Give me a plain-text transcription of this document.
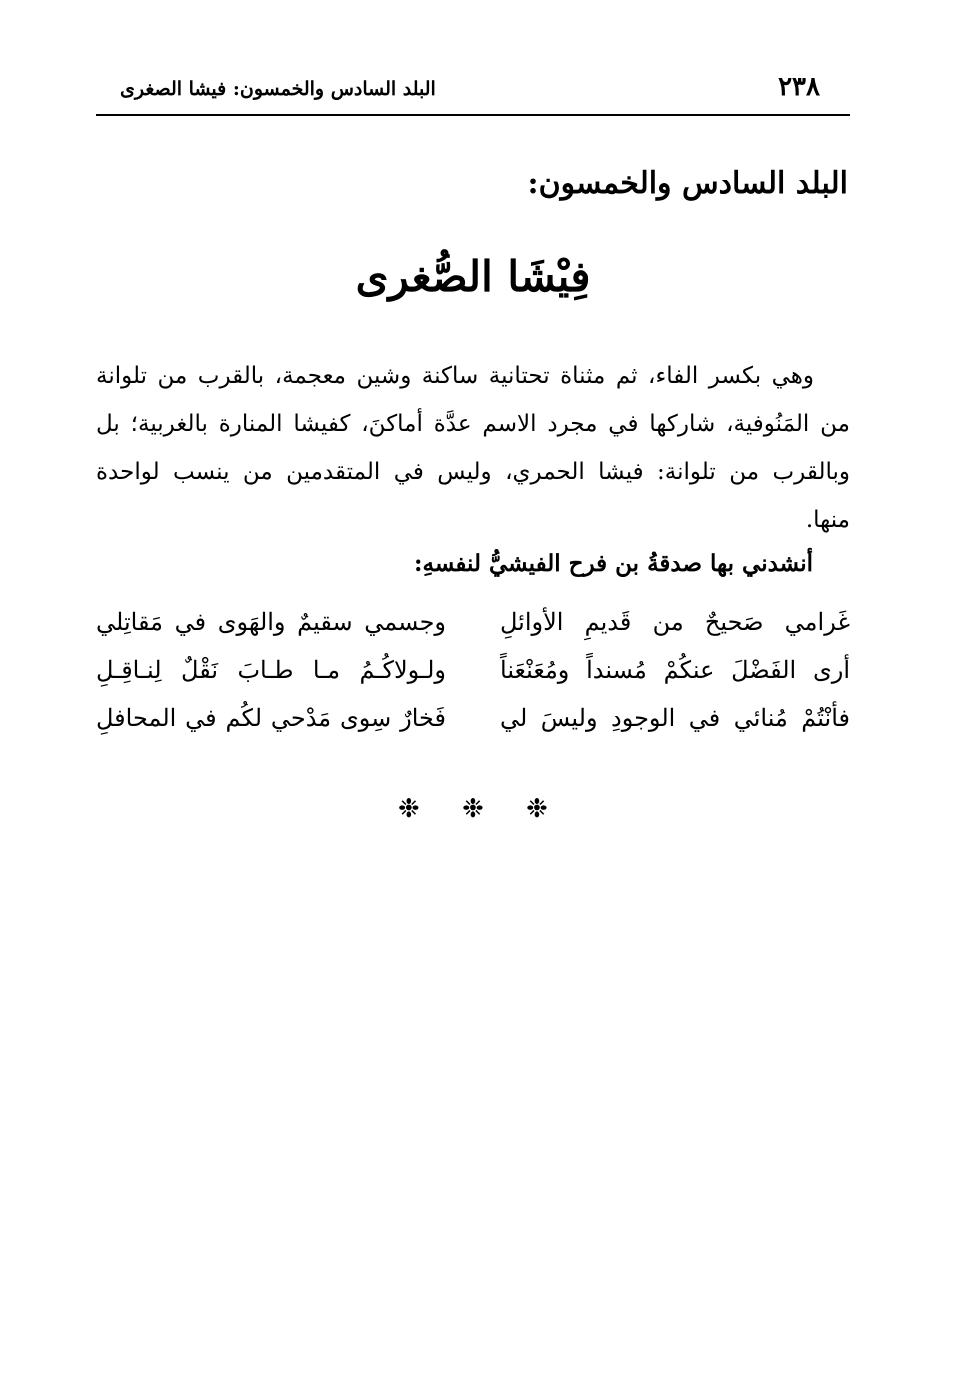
٢٣٨
البلد السادس والخمسون: فيشا الصغرى
البلد السادس والخمسون:
فِيْشَا الصُّغرى
وهي بكسر الفاء، ثم مثناة تحتانية ساكنة وشين معجمة، بالقرب من تلوانة
من المَنُوفية، شاركها في مجرد الاسم عدَّة أماكنَ، كفيشا المنارة بالغربية؛ بل
وبالقرب من تلوانة: فيشا الحمري، وليس في المتقدمين من ينسب لواحدة
منها.
أنشدني بها صدقةُ بن فرح الفيشيُّ لنفسهِ:
غَرامي صَحيحٌ من قَديمِ الأوائلِ
وجسمي سقيمٌ والهَوى في مَقاتِلي
أرى الفَضْلَ عنكُمْ مُسنداً ومُعَنْعَناً
ولـولاكُـمُ مـا طـابَ نَقْلٌ لِنـاقِـلِ
فأنْتُمْ مُنائي في الوجودِ وليسَ لي
فَخارٌ سِوى مَدْحي لكُم في المحافلِ
❉ ❉ ❉
